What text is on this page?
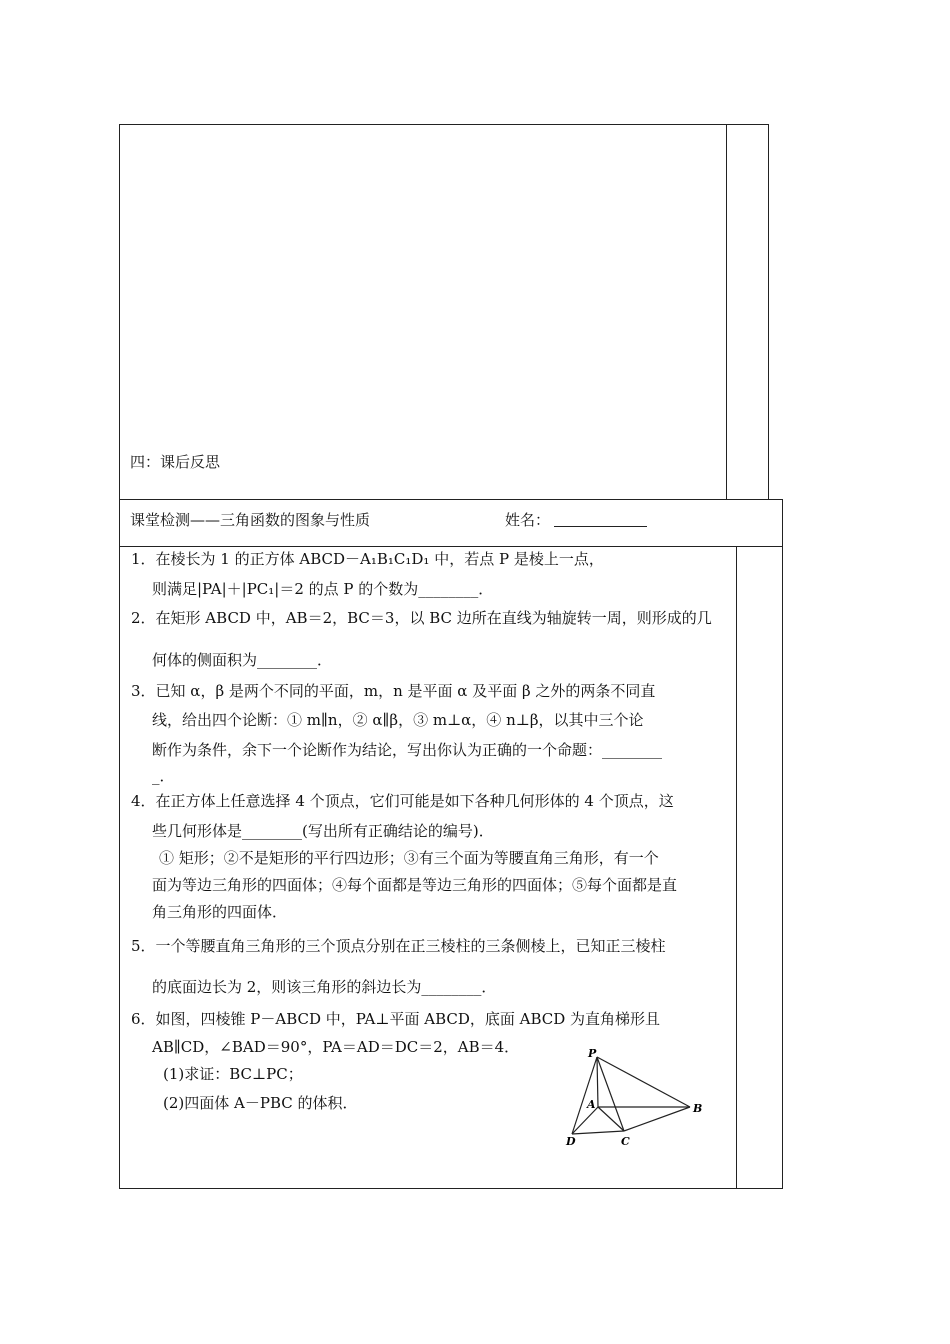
四：课后反思
课堂检测——三角函数的图象与性质	姓名：
1．在棱长为 1 的正方体 ABCD－A₁B₁C₁D₁ 中，若点 P 是棱上一点，
则满足|PA|＋|PC₁|＝2 的点 P 的个数为________．
2．在矩形 ABCD 中，AB＝2，BC＝3，以 BC 边所在直线为轴旋转一周，则形成的几
何体的侧面积为________．
3．已知 α，β 是两个不同的平面，m，n 是平面 α 及平面 β 之外的两条不同直
线，给出四个论断：① m∥n，② α∥β，③ m⊥α，④ n⊥β，以其中三个论
断作为条件，余下一个论断作为结论，写出你认为正确的一个命题：________
_．
4．在正方体上任意选择 4 个顶点，它们可能是如下各种几何形体的 4 个顶点，这
些几何形体是________(写出所有正确结论的编号)．
① 矩形；②不是矩形的平行四边形；③有三个面为等腰直角三角形，有一个
面为等边三角形的四面体；④每个面都是等边三角形的四面体；⑤每个面都是直
角三角形的四面体．
5．一个等腰直角三角形的三个顶点分别在正三棱柱的三条侧棱上，已知正三棱柱
的底面边长为 2，则该三角形的斜边长为________．
6．如图，四棱锥 P－ABCD 中，PA⊥平面 ABCD，底面 ABCD 为直角梯形且
AB∥CD，∠BAD＝90°，PA＝AD＝DC＝2，AB＝4．
(1)求证：BC⊥PC；
(2)四面体 A－PBC 的体积．
P
A	B
C
D
